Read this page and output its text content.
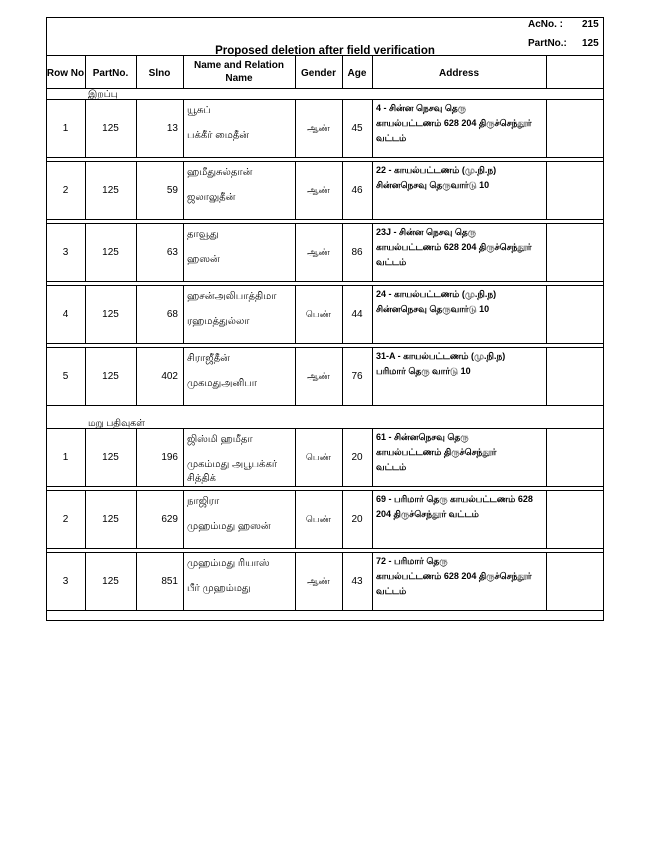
Proposed deletion after field verification
AcNo. : 215
PartNo.: 125
Row No PartNo.	Slno
Name and Relation Name	Gender	Age	Address
இறப்பு
1	125	13
யூசுப்
பக்கீர் மைதீன்
ஆண்	45
4 - சின்ன நெசவு தெரு
காயல்பட்டணம் 628 204 திருச்செந்தூர்
வட்டம்
2	125	59
ஹமீதுசுல்தான்
ஜலாலுதீன்
ஆண்	46
22 - காயல்பட்டணம் (மு.நி.ந)
சின்னநெசவு தெருவார்டு 10
3	125	63
தாவூது
ஹஸன்
ஆண்	86
23J - சின்ன நெசவு தெரு
காயல்பட்டணம் 628 204 திருச்செந்தூர்
வட்டம்
4	125	68
ஹசன்அலிபாத்திமா
ரஹமத்துல்லா
பெண்	44
24 - காயல்பட்டணம் (மு.நி.ந)
சின்னநெசவு தெருவார்டு 10
5	125	402
சிராஜீதீன்
முகமதுஅனிபா
ஆண்	76
31-A - காயல்பட்டணம் (மு.நி.ந)
பரிமார் தெரு வார்டு 10
மறு பதிவுகள்
1	125	196
ஜிஸ்மி ஹமீதா
முகம்மது அபூபக்கர்
சித்திக்
பெண்	20
61 - சின்னநெசவு தெரு
காயல்பட்டணம் திருச்செந்தூர்
வட்டம்
2	125	629
நாஜிரா
முஹம்மது ஹஸன்
பெண்	20
69 - பரிமார் தெரு காயல்பட்டணம் 628
204 திருச்செந்தூர் வட்டம்
3	125	851
முஹம்மது ரியாஸ்
பீர் முஹம்மது
ஆண்	43
72 - பரிமார் தெரு
காயல்பட்டணம் 628 204 திருச்செந்தூர்
வட்டம்
